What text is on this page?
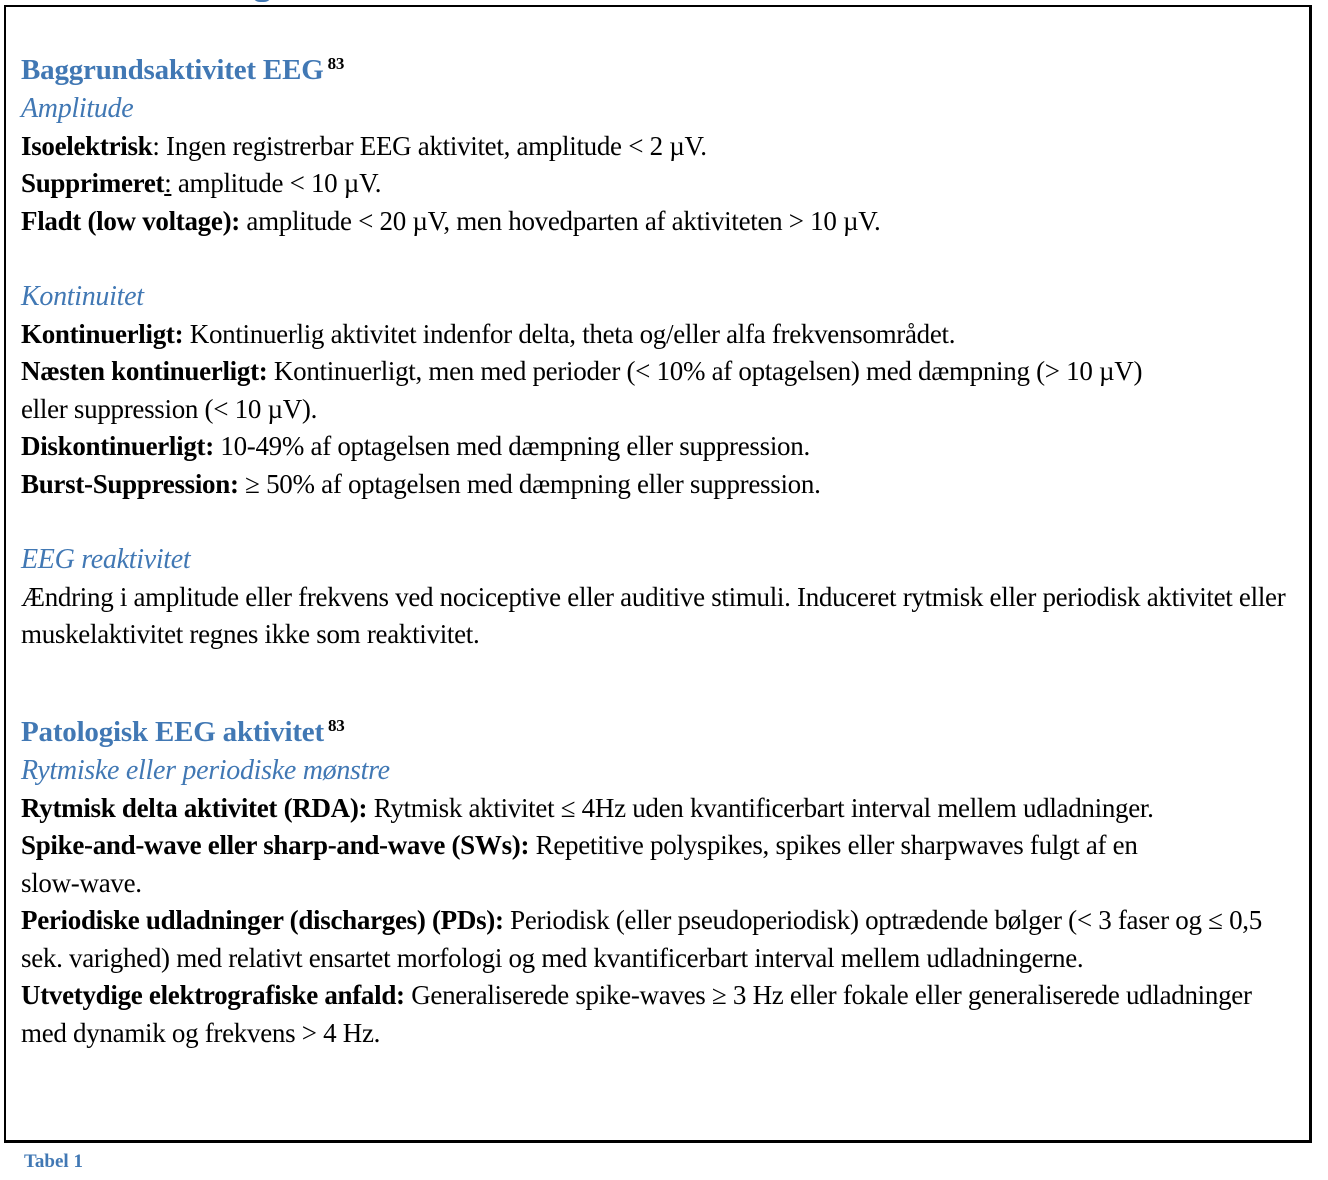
Baggrundsaktivitet EEG $^{83}$
Amplitude

Isoelektrisk: Ingen registrerbar EEG aktivitet, amplitude < 2 µV.

Supprimeret: amplitude < 10 µV.

Fladt (low voltage): amplitude < 20 µV, men hovedparten af aktiviteten > 10 µV.

Kontinuitet

Kontinuerligt: Kontinuerlig aktivitet indenfor delta, theta og/eller alfa frekvensområdet.

Næsten kontinuerligt: Kontinuerligt, men med perioder (< 10% af optagelsen) med dæmpning (> 10 µV) eller suppression (< 10 µV).

Diskontinuerligt: 10-49% af optagelsen med dæmpning eller suppression.

Burst-Suppression: ≥ 50% af optagelsen med dæmpning eller suppression.

EEG reaktivitet

Ændring i amplitude eller frekvens ved nociceptive eller auditive stimuli. Induceret rytmisk eller periodisk aktivitet eller muskelaktivitet regnes ikke som reaktivitet.

Patologisk EEG aktivitet $^{83}$
Rytmiske eller periodiske mønstre

Rytmisk delta aktivitet (RDA): Rytmisk aktivitet ≤ 4Hz uden kvantificerbart interval mellem udladninger.

Spike-and-wave eller sharp-and-wave (SWs): Repetitive polyspikes, spikes eller sharpwaves fulgt af en slow-wave.

Periodiske udladninger (discharges) (PDs): Periodisk (eller pseudoperiodisk) optrædende bølger (< 3 faser og ≤ 0,5 sek. varighed) med relativt ensartet morfologi og med kvantificerbart interval mellem udladningerne.

Utvetydige elektrografiske anfald: Generaliserede spike-waves ≥ 3 Hz eller fokale eller generaliserede udladninger med dynamik og frekvens > 4 Hz.

Tabel 1
